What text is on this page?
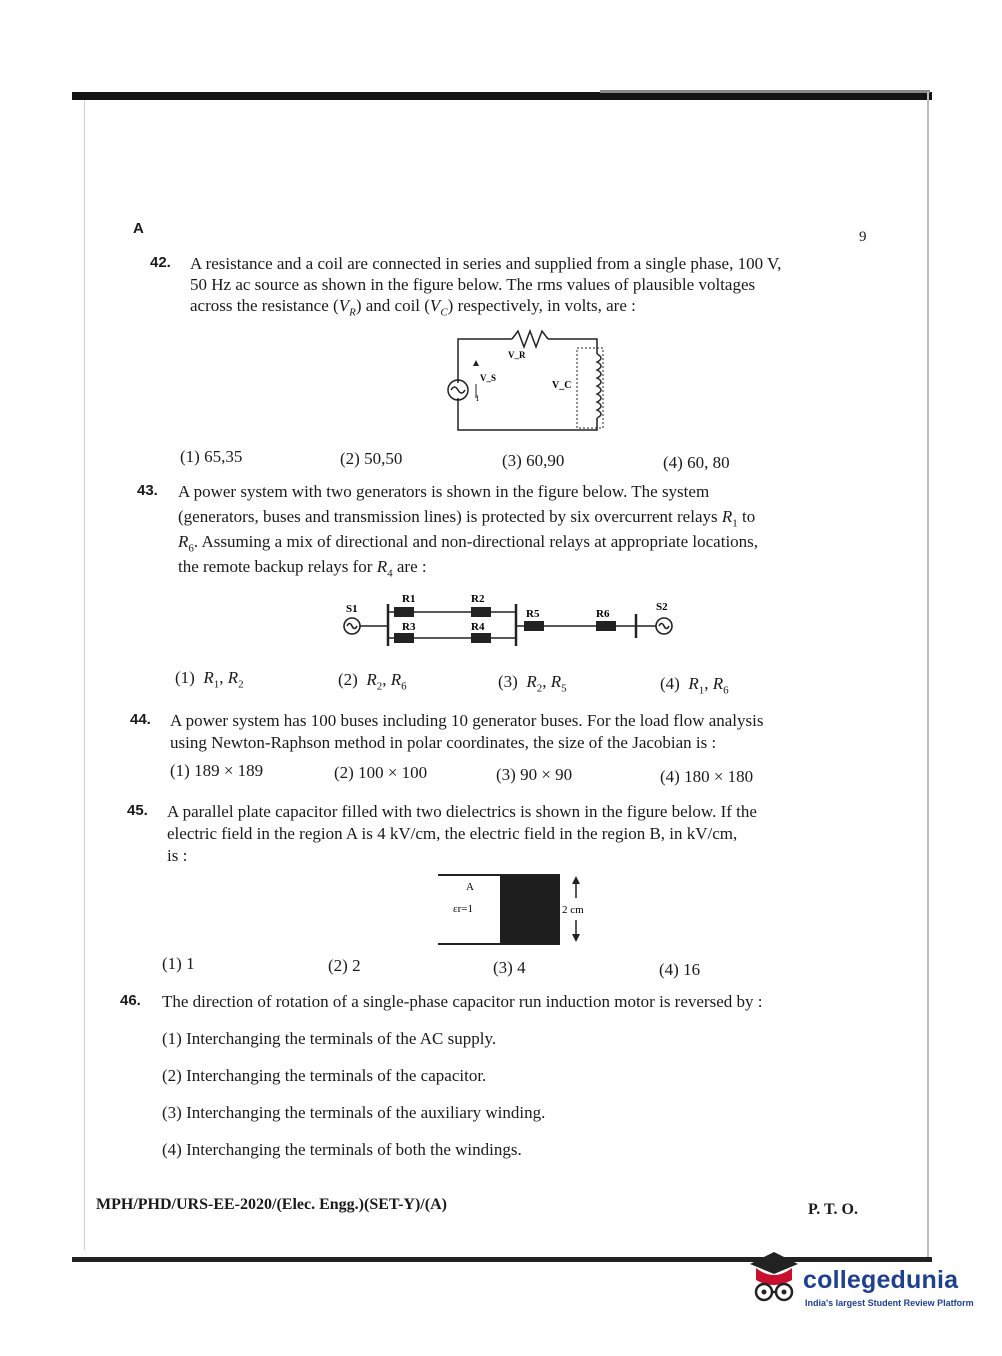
A	9
42. A resistance and a coil are connected in series and supplied from a single phase, 100 V,
50 Hz ac source as shown in the figure below. The rms values of plausible voltages
across the resistance $(V_R)$ and coil $(V_C)$ respectively, in volts, are :
V_R
V_S
V_C
I
(1) 65,35	(2) 50,50	(3) 60,90	(4) 60, 80
43. A power system with two generators is shown in the figure below. The system
(generators, buses and transmission lines) is protected by six overcurrent relays $R_1$ to
$R_6$. Assuming a mix of directional and non-directional relays at appropriate locations,
the remote backup relays for $R_4$ are :
S1
R1
R3
R2
R4
R5	R6
S2
(1) $R_1$, $R_2$	(2) $R_2$, $R_6$	(3) $R_2$, $R_5$	(4) $R_1$, $R_6$
44. A power system has 100 buses including 10 generator buses. For the load flow analysis
using Newton-Raphson method in polar coordinates, the size of the Jacobian is :
(1) 189 × 189	(2) 100 × 100	(3) 90 × 90	(4) 180 × 180
45. A parallel plate capacitor filled with two dielectrics is shown in the figure below. If the
electric field in the region A is 4 kV/cm, the electric field in the region B, in kV/cm,
is :
A
εr=1	2 cm
(1) 1	(2) 2	(3) 4	(4) 16
46. The direction of rotation of a single-phase capacitor run induction motor is reversed by :
(1) Interchanging the terminals of the AC supply.
(2) Interchanging the terminals of the capacitor.
(3) Interchanging the terminals of the auxiliary winding.
(4) Interchanging the terminals of both the windings.
MPH/PHD/URS-EE-2020/(Elec. Engg.)(SET-Y)/(A)	P. T. O.
collegedunia
India's largest Student Review Platform
